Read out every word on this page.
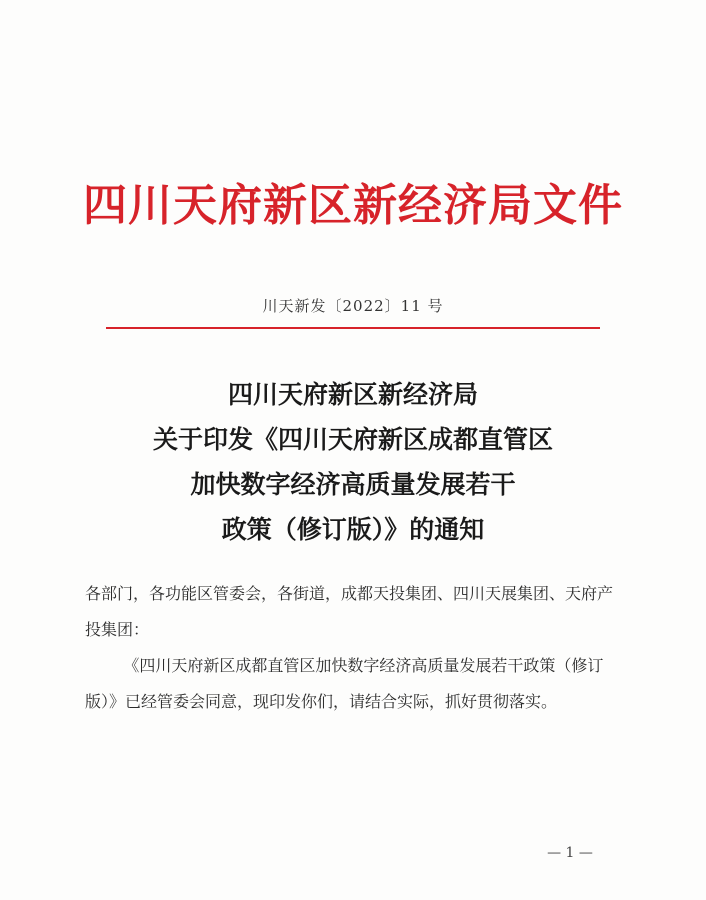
四川天府新区新经济局文件
川天新发〔2022〕11 号
四川天府新区新经济局
关于印发《四川天府新区成都直管区
加快数字经济高质量发展若干
政策（修订版）》的通知

各部门，各功能区管委会，各街道，成都天投集团、四川天展集团、天府产投集团：

《四川天府新区成都直管区加快数字经济高质量发展若干政策（修订版）》已经管委会同意，现印发你们，请结合实际，抓好贯彻落实。

— 1 —
